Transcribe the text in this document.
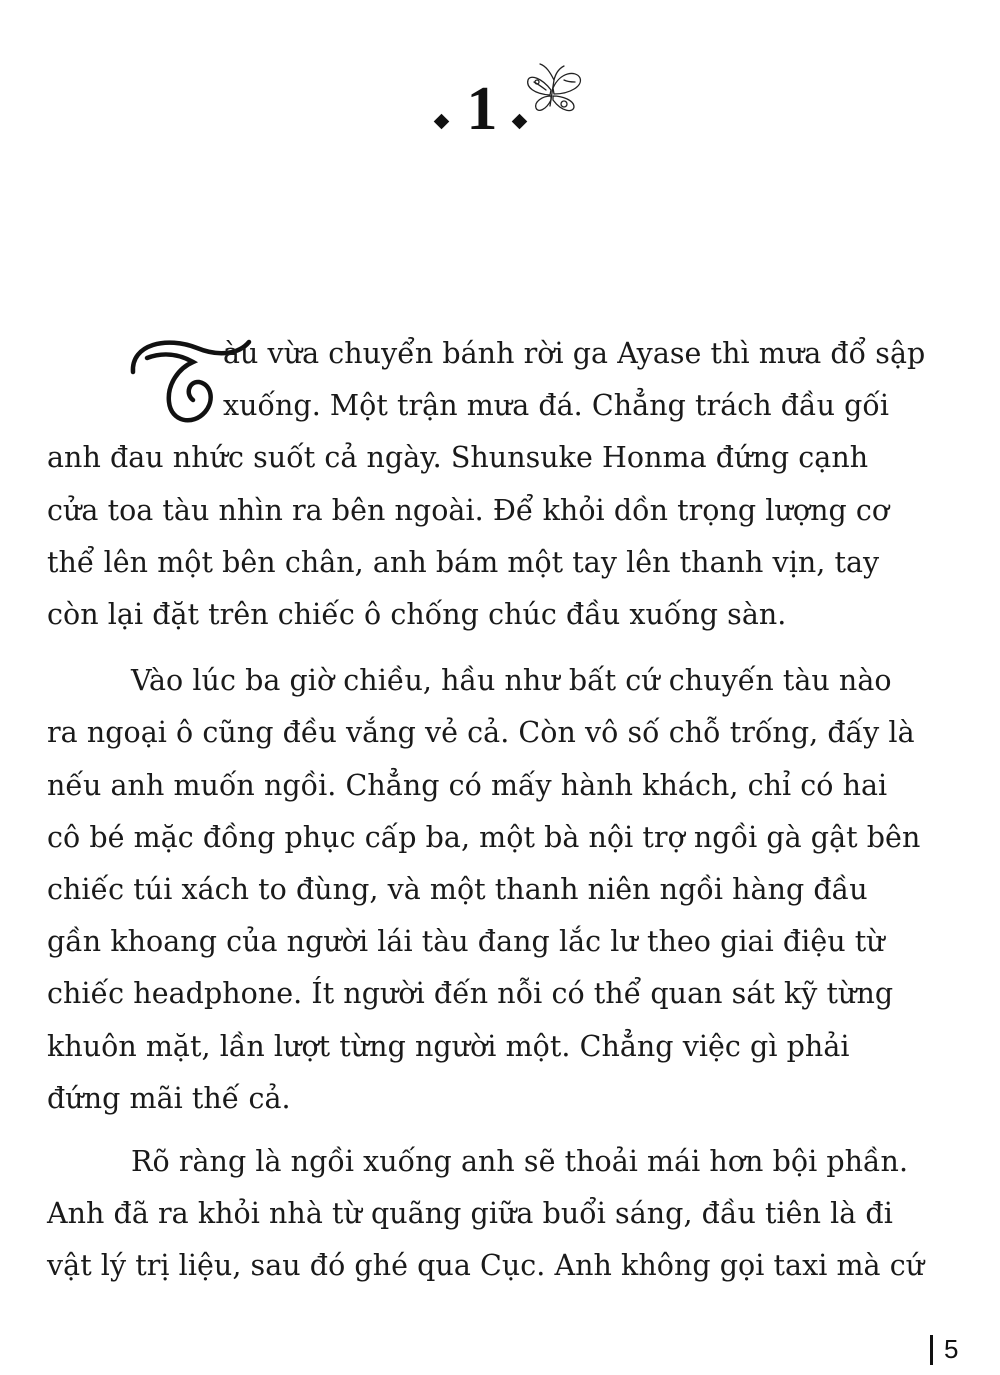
1

àu vừa chuyển bánh rời ga Ayase thì mưa đổ sập

xuống. Một trận mưa đá. Chẳng trách đầu gối

anh đau nhức suốt cả ngày. Shunsuke Honma đứng cạnh

cửa toa tàu nhìn ra bên ngoài. Để khỏi dồn trọng lượng cơ

thể lên một bên chân, anh bám một tay lên thanh vịn, tay

còn lại đặt trên chiếc ô chống chúc đầu xuống sàn.

Vào lúc ba giờ chiều, hầu như bất cứ chuyến tàu nào

ra ngoại ô cũng đều vắng vẻ cả. Còn vô số chỗ trống, đấy là

nếu anh muốn ngồi. Chẳng có mấy hành khách, chỉ có hai

cô bé mặc đồng phục cấp ba, một bà nội trợ ngồi gà gật bên

chiếc túi xách to đùng, và một thanh niên ngồi hàng đầu

gần khoang của người lái tàu đang lắc lư theo giai điệu từ

chiếc headphone. Ít người đến nỗi có thể quan sát kỹ từng

khuôn mặt, lần lượt từng người một. Chẳng việc gì phải

đứng mãi thế cả.

Rõ ràng là ngồi xuống anh sẽ thoải mái hơn bội phần.

Anh đã ra khỏi nhà từ quãng giữa buổi sáng, đầu tiên là đi

vật lý trị liệu, sau đó ghé qua Cục. Anh không gọi taxi mà cứ

5
